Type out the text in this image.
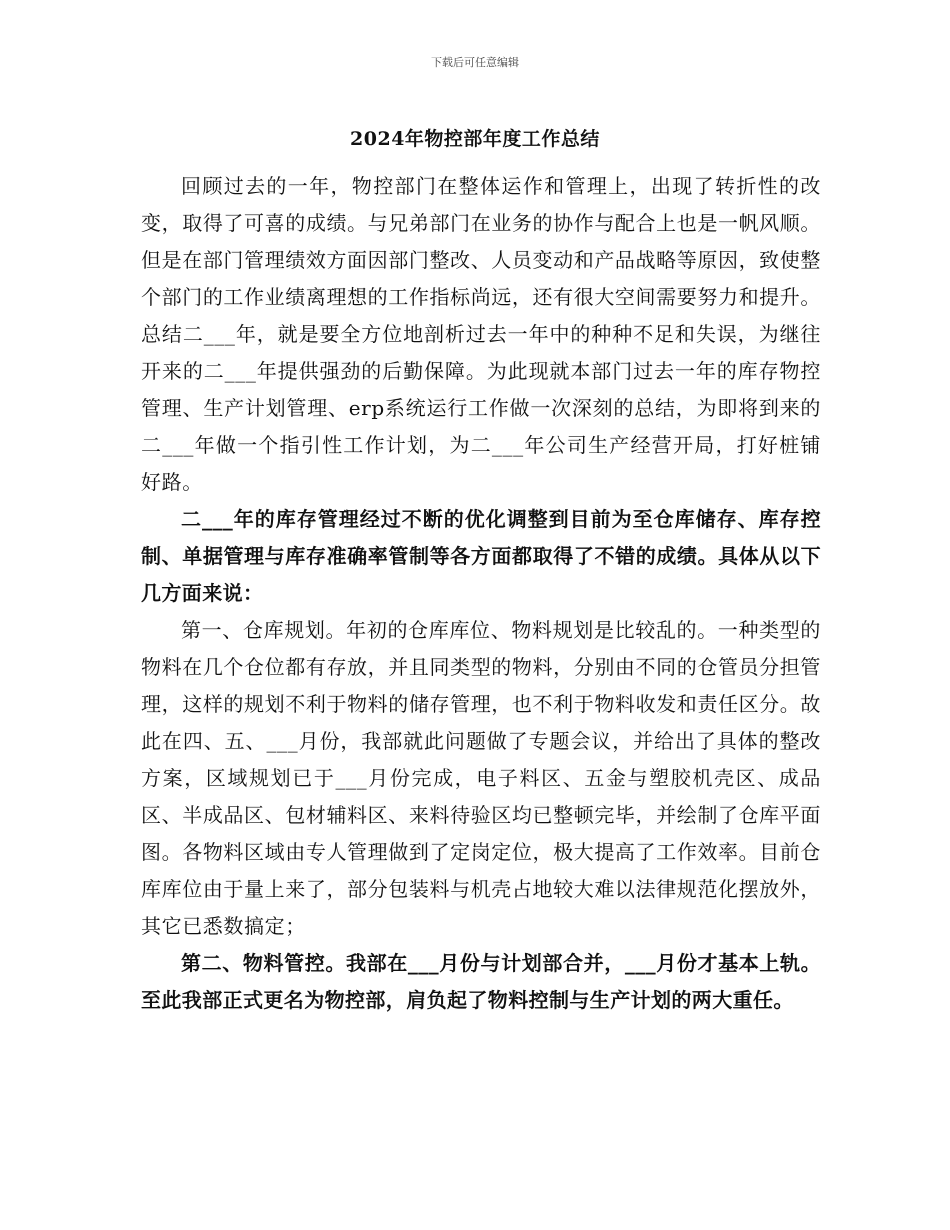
下载后可任意编辑
2024年物控部年度工作总结

回顾过去的一年，物控部门在整体运作和管理上，出现了转折性的改变，取得了可喜的成绩。与兄弟部门在业务的协作与配合上也是一帆风顺。但是在部门管理绩效方面因部门整改、人员变动和产品战略等原因，致使整个部门的工作业绩离理想的工作指标尚远，还有很大空间需要努力和提升。总结二___年，就是要全方位地剖析过去一年中的种种不足和失误，为继往开来的二___年提供强劲的后勤保障。为此现就本部门过去一年的库存物控管理、生产计划管理、erp系统运行工作做一次深刻的总结，为即将到来的二___年做一个指引性工作计划，为二___年公司生产经营开局，打好桩铺好路。

二___年的库存管理经过不断的优化调整到目前为至仓库储存、库存控制、单据管理与库存准确率管制等各方面都取得了不错的成绩。具体从以下几方面来说：

第一、仓库规划。年初的仓库库位、物料规划是比较乱的。一种类型的物料在几个仓位都有存放，并且同类型的物料，分别由不同的仓管员分担管理，这样的规划不利于物料的储存管理，也不利于物料收发和责任区分。故此在四、五、___月份，我部就此问题做了专题会议，并给出了具体的整改方案，区域规划已于___月份完成，电子料区、五金与塑胶机壳区、成品区、半成品区、包材辅料区、来料待验区均已整顿完毕，并绘制了仓库平面图。各物料区域由专人管理做到了定岗定位，极大提高了工作效率。目前仓库库位由于量上来了，部分包装料与机壳占地较大难以法律规范化摆放外，其它已悉数搞定；

第二、物料管控。我部在___月份与计划部合并，___月份才基本上轨。至此我部正式更名为物控部，肩负起了物料控制与生产计划的两大重任。
